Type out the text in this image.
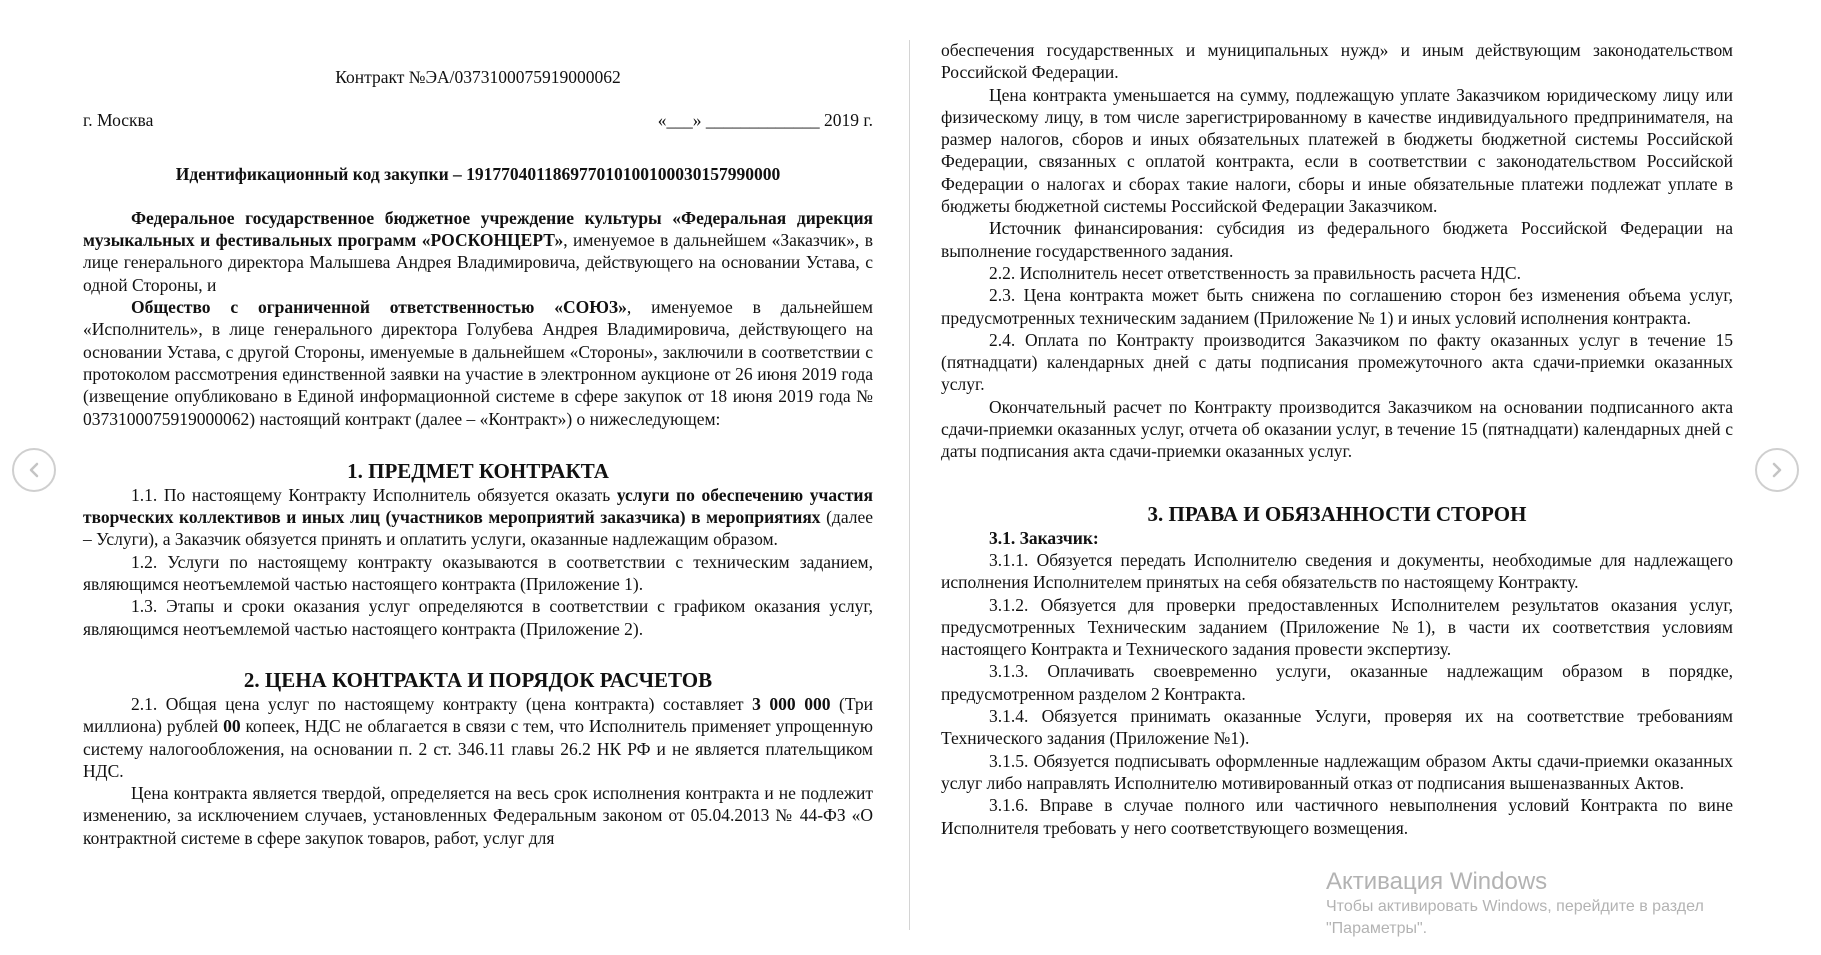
Контракт №ЭА/0373100075919000062

г. Москва	«___» _____________ 2019 г.

Идентификационный код закупки – 191770401186977010100100030157990000

Федеральное государственное бюджетное учреждение культуры «Федеральная дирекция музыкальных и фестивальных программ «РОСКОНЦЕРТ», именуемое в дальнейшем «Заказчик», в лице генерального директора Малышева Андрея Владимировича, действующего на основании Устава, с одной Стороны, и

Общество с ограниченной ответственностью «СОЮЗ», именуемое в дальнейшем «Исполнитель», в лице генерального директора Голубева Андрея Владимировича, действующего на основании Устава, с другой Стороны, именуемые в дальнейшем «Стороны», заключили в соответствии с протоколом рассмотрения единственной заявки на участие в электронном аукционе от 26 июня 2019 года (извещение опубликовано в Единой информационной системе в сфере закупок от 18 июня 2019 года № 0373100075919000062) настоящий контракт (далее – «Контракт») о нижеследующем:

1. ПРЕДМЕТ КОНТРАКТА

1.1. По настоящему Контракту Исполнитель обязуется оказать услуги по обеспечению участия творческих коллективов и иных лиц (участников мероприятий заказчика) в мероприятиях (далее – Услуги), а Заказчик обязуется принять и оплатить услуги, оказанные надлежащим образом.

1.2. Услуги по настоящему контракту оказываются в соответствии с техническим заданием, являющимся неотъемлемой частью настоящего контракта (Приложение 1).

1.3. Этапы и сроки оказания услуг определяются в соответствии с графиком оказания услуг, являющимся неотъемлемой частью настоящего контракта (Приложение 2).

2. ЦЕНА КОНТРАКТА И ПОРЯДОК РАСЧЕТОВ

2.1. Общая цена услуг по настоящему контракту (цена контракта) составляет 3 000 000 (Три миллиона) рублей 00 копеек, НДС не облагается в связи с тем, что Исполнитель применяет упрощенную систему налогообложения, на основании п. 2 ст. 346.11 главы 26.2 НК РФ и не является плательщиком НДС.

Цена контракта является твердой, определяется на весь срок исполнения контракта и не подлежит изменению, за исключением случаев, установленных Федеральным законом от 05.04.2013 № 44-ФЗ «О контрактной системе в сфере закупок товаров, работ, услуг для

обеспечения государственных и муниципальных нужд» и иным действующим законодательством Российской Федерации.

Цена контракта уменьшается на сумму, подлежащую уплате Заказчиком юридическому лицу или физическому лицу, в том числе зарегистрированному в качестве индивидуального предпринимателя, на размер налогов, сборов и иных обязательных платежей в бюджеты бюджетной системы Российской Федерации, связанных с оплатой контракта, если в соответствии с законодательством Российской Федерации о налогах и сборах такие налоги, сборы и иные обязательные платежи подлежат уплате в бюджеты бюджетной системы Российской Федерации Заказчиком.

Источник финансирования: субсидия из федерального бюджета Российской Федерации на выполнение государственного задания.

2.2. Исполнитель несет ответственность за правильность расчета НДС.

2.3. Цена контракта может быть снижена по соглашению сторон без изменения объема услуг, предусмотренных техническим заданием (Приложение № 1) и иных условий исполнения контракта.

2.4. Оплата по Контракту производится Заказчиком по факту оказанных услуг в течение 15 (пятнадцати) календарных дней с даты подписания промежуточного акта сдачи-приемки оказанных услуг.

Окончательный расчет по Контракту производится Заказчиком на основании подписанного акта сдачи-приемки оказанных услуг, отчета об оказании услуг, в течение 15 (пятнадцати) календарных дней с даты подписания акта сдачи-приемки оказанных услуг.

3. ПРАВА И ОБЯЗАННОСТИ СТОРОН

3.1. Заказчик:

3.1.1. Обязуется передать Исполнителю сведения и документы, необходимые для надлежащего исполнения Исполнителем принятых на себя обязательств по настоящему Контракту.

3.1.2. Обязуется для проверки предоставленных Исполнителем результатов оказания услуг, предусмотренных Техническим заданием (Приложение №1), в части их соответствия условиям настоящего Контракта и Технического задания провести экспертизу.

3.1.3. Оплачивать своевременно услуги, оказанные надлежащим образом в порядке, предусмотренном разделом 2 Контракта.

3.1.4. Обязуется принимать оказанные Услуги, проверяя их на соответствие требованиям Технического задания (Приложение №1).

3.1.5. Обязуется подписывать оформленные надлежащим образом Акты сдачи-приемки оказанных услуг либо направлять Исполнителю мотивированный отказ от подписания вышеназванных Актов.

3.1.6. Вправе в случае полного или частичного невыполнения условий Контракта по вине Исполнителя требовать у него соответствующего возмещения.

Активация Windows
Чтобы активировать Windows, перейдите в раздел
"Параметры".
